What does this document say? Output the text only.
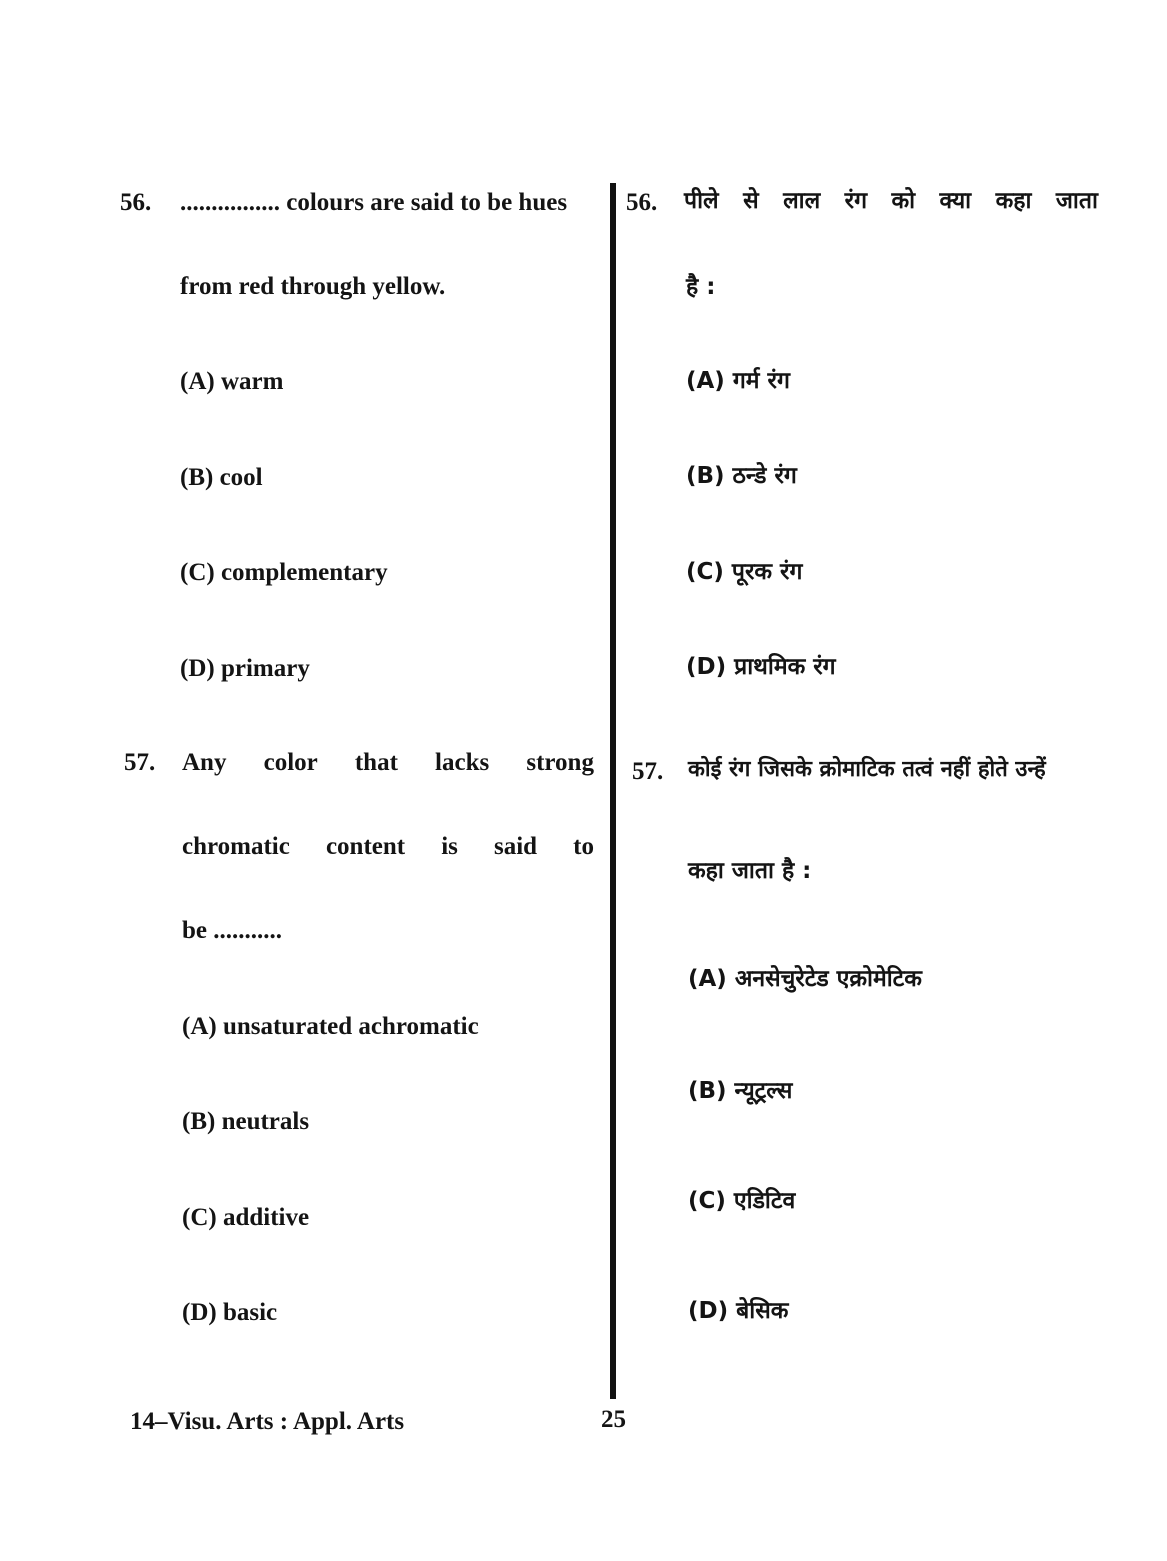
56. ................ colours are said to be hues
from red through yellow.
(A) warm
(B) cool
(C) complementary
(D) primary
57. Any color that lacks strong
chromatic content is said to
be ...........
(A) unsaturated achromatic
(B) neutrals
(C) additive
(D) basic
56. पीले से लाल रंग को क्या कहा जाता
है :
(A) गर्म रंग
(B) ठन्डे रंग
(C) पूरक रंग
(D) प्राथमिक रंग
57. कोई रंग जिसके क्रोमाटिक तत्वं नहीं होते उन्हें
कहा जाता है :
(A) अनसेचुरेटेड एक्रोमेटिक
(B) न्यूट्रल्स
(C) एडिटिव
(D) बेसिक
14–Visu. Arts : Appl. Arts	25
